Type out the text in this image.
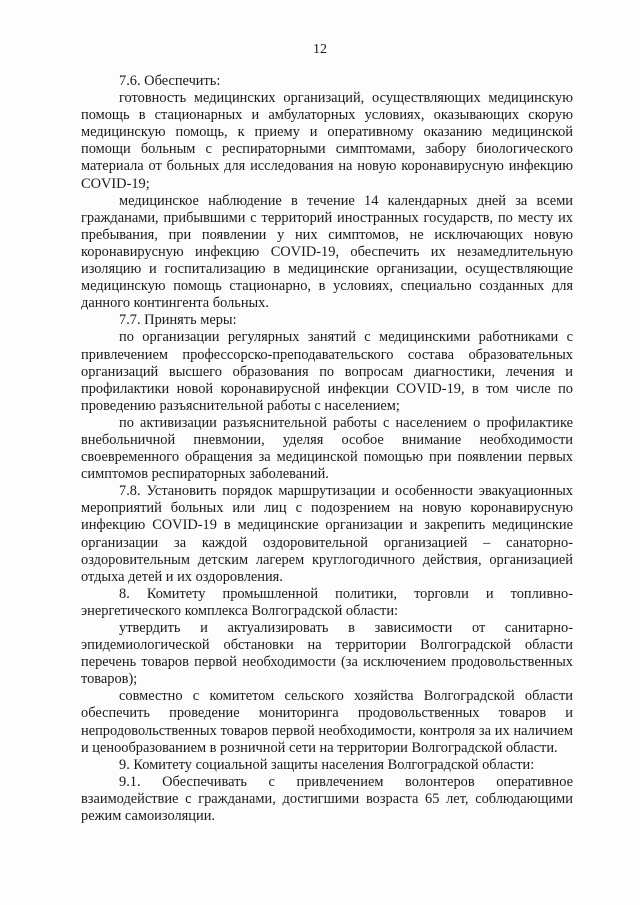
12

7.6. Обеспечить:

готовность медицинских организаций, осуществляющих медицинскую помощь в стационарных и амбулаторных условиях, оказывающих скорую медицинскую помощь, к приему и оперативному оказанию медицинской помощи больным с респираторными симптомами, забору биологического материала от больных для исследования на новую коронавирусную инфекцию COVID-19;

медицинское наблюдение в течение 14 календарных дней за всеми гражданами, прибывшими с территорий иностранных государств, по месту их пребывания, при появлении у них симптомов, не исключающих новую коронавирусную инфекцию COVID-19, обеспечить их незамедлительную изоляцию и госпитализацию в медицинские организации, осуществляющие медицинскую помощь стационарно, в условиях, специально созданных для данного контингента больных.

7.7. Принять меры:

по организации регулярных занятий с медицинскими работниками с привлечением профессорско-преподавательского состава образовательных организаций высшего образования по вопросам диагностики, лечения и профилактики новой коронавирусной инфекции COVID-19, в том числе по проведению разъяснительной работы с населением;

по активизации разъяснительной работы с населением о профилактике внебольничной пневмонии, уделяя особое внимание необходимости своевременного обращения за медицинской помощью при появлении первых симптомов респираторных заболеваний.

7.8. Установить порядок маршрутизации и особенности эвакуационных мероприятий больных или лиц с подозрением на новую коронавирусную инфекцию COVID-19 в медицинские организации и закрепить медицинские организации за каждой оздоровительной организацией – санаторно-оздоровительным детским лагерем круглогодичного действия, организацией отдыха детей и их оздоровления.

8. Комитету промышленной политики, торговли и топливно-энергетического комплекса Волгоградской области:

утвердить и актуализировать в зависимости от санитарно-эпидемиологической обстановки на территории Волгоградской области перечень товаров первой необходимости (за исключением продовольственных товаров);

совместно с комитетом сельского хозяйства Волгоградской области обеспечить проведение мониторинга продовольственных товаров и непродовольственных товаров первой необходимости, контроля за их наличием и ценообразованием в розничной сети на территории Волгоградской области.

9. Комитету социальной защиты населения Волгоградской области:

9.1. Обеспечивать с привлечением волонтеров оперативное взаимодействие с гражданами, достигшими возраста 65 лет, соблюдающими режим самоизоляции.
